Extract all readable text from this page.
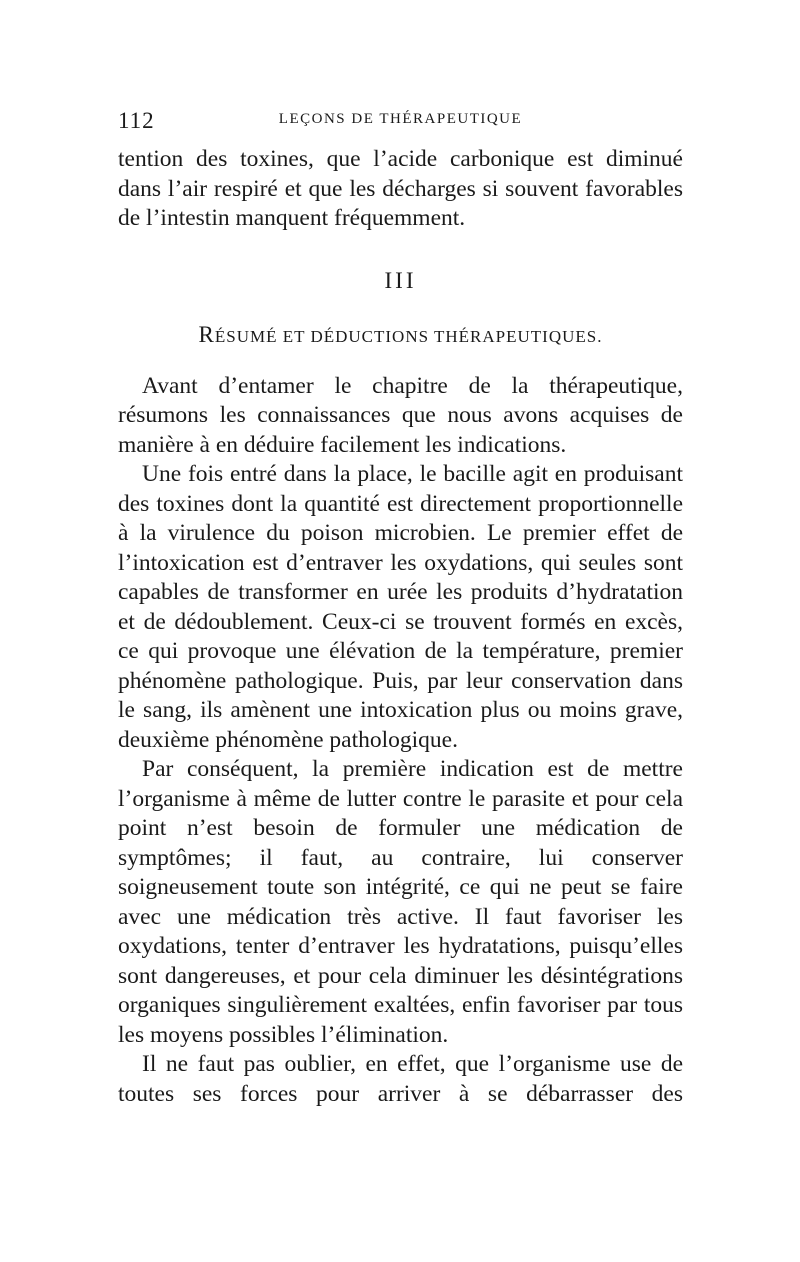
112	LEÇONS DE THÉRAPEUTIQUE

tention des toxines, que l’acide carbonique est diminué dans l’air respiré et que les décharges si souvent favorables de l’intestin manquent fréquemment.

III
RÉSUMÉ ET DÉDUCTIONS THÉRAPEUTIQUES.

Avant d’entamer le chapitre de la thérapeutique, résumons les connaissances que nous avons acquises de manière à en déduire facilement les indications.

Une fois entré dans la place, le bacille agit en produisant des toxines dont la quantité est directement proportionnelle à la virulence du poison microbien. Le premier effet de l’intoxication est d’entraver les oxydations, qui seules sont capables de transformer en urée les produits d’hydratation et de dédoublement. Ceux-ci se trouvent formés en excès, ce qui provoque une élévation de la température, premier phénomène pathologique. Puis, par leur conservation dans le sang, ils amènent une intoxication plus ou moins grave, deuxième phénomène pathologique.

Par conséquent, la première indication est de mettre l’organisme à même de lutter contre le parasite et pour cela point n’est besoin de formuler une médication de symptômes; il faut, au contraire, lui conserver soigneusement toute son intégrité, ce qui ne peut se faire avec une médication très active. Il faut favoriser les oxydations, tenter d’entraver les hydratations, puisqu’elles sont dangereuses, et pour cela diminuer les désintégrations organiques singulièrement exaltées, enfin favoriser par tous les moyens possibles l’élimination.

Il ne faut pas oublier, en effet, que l’organisme use de toutes ses forces pour arriver à se débarrasser des
